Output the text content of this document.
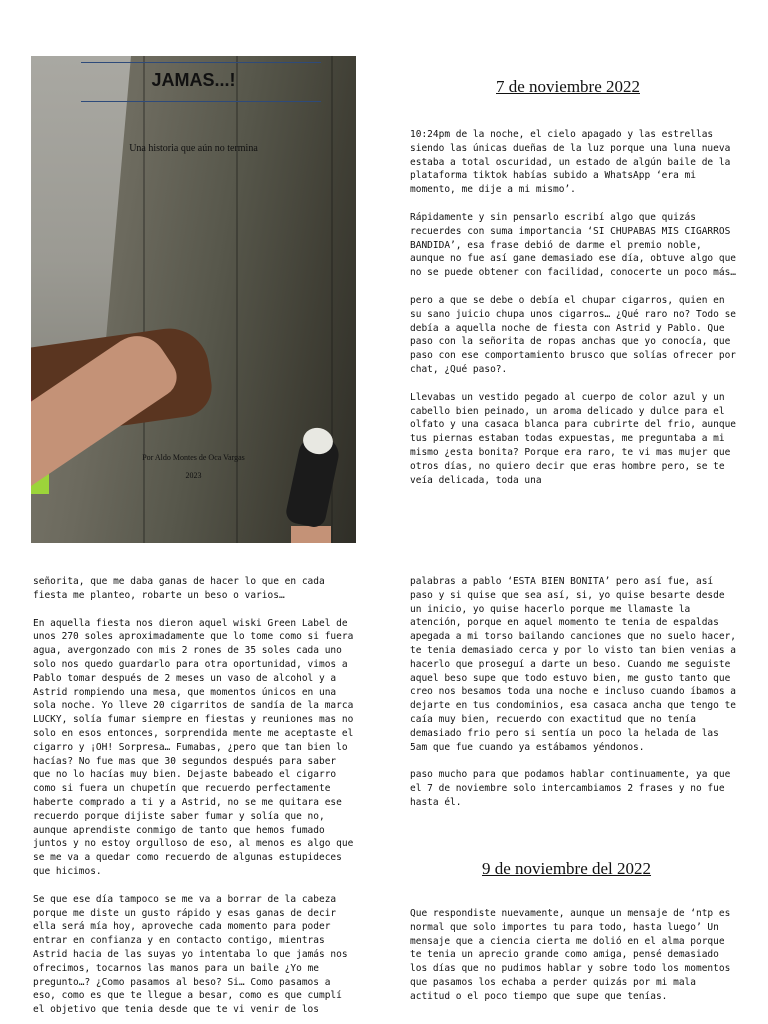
JAMAS...!
Una historia que aún no termina
Por Aldo Montes de Oca Vargas
2023
7 de noviembre 2022

10:24pm de la noche, el cielo apagado y las estrellas siendo las únicas dueñas de la luz porque una luna nueva estaba a total oscuridad, un estado de algún baile de la plataforma tiktok habías subido a WhatsApp ‘era mi momento, me dije a mi mismo’.

Rápidamente y sin pensarlo escribí algo que quizás recuerdes con suma importancia ‘SI CHUPABAS MIS CIGARROS BANDIDA’, esa frase debió de darme el premio noble, aunque no fue así gane demasiado ese día, obtuve algo que no se puede obtener con facilidad, conocerte un poco más…

pero a que se debe o debía el chupar cigarros, quien en su sano juicio chupa unos cigarros… ¿Qué raro no? Todo se debía a aquella noche de fiesta con Astrid y Pablo. Que paso con la señorita de ropas anchas que yo conocía, que paso con ese comportamiento brusco que solías ofrecer por chat, ¿Qué paso?.

Llevabas un vestido pegado al cuerpo de color azul y un cabello bien peinado, un aroma delicado y dulce para el olfato y una casaca blanca para cubrirte del frio, aunque tus piernas estaban todas expuestas, me preguntaba a mi mismo ¿esta bonita? Porque era raro, te vi mas mujer que otros días, no quiero decir que eras hombre pero, se te veía delicada, toda una

señorita, que me daba ganas de hacer lo que en cada fiesta me planteo, robarte un beso o varios…

En aquella fiesta nos dieron aquel wiski Green Label de unos 270 soles aproximadamente que lo tome como si fuera agua, avergonzado con mis 2 rones de 35 soles cada uno solo nos quedo guardarlo para otra oportunidad, vimos a Pablo tomar después de 2 meses un vaso de alcohol y a Astrid rompiendo una mesa, que momentos únicos en una sola noche. Yo lleve 20 cigarritos de sandía de la marca LUCKY, solía fumar siempre en fiestas y reuniones mas no solo en esos entonces, sorprendida mente me aceptaste el cigarro y ¡OH! Sorpresa… Fumabas, ¿pero que tan bien lo hacías? No fue mas que 30 segundos después para saber que no lo hacías muy bien. Dejaste babeado el cigarro como si fuera un chupetín que recuerdo perfectamente haberte comprado a ti y a Astrid, no se me quitara ese recuerdo porque dijiste saber fumar y solía que no, aunque aprendiste conmigo de tanto que hemos fumado juntos y no estoy orgulloso de eso, al menos es algo que se me va a quedar como recuerdo de algunas estupideces que hicimos.

Se que ese día tampoco se me va a borrar de la cabeza porque me diste un gusto rápido y esas ganas de decir ella será mía hoy, aproveche cada momento para poder entrar en confianza y en contacto contigo, mientras Astrid hacia de las suyas yo intentaba lo que jamás nos ofrecimos, tocarnos las manos para un baile ¿Yo me pregunto…? ¿Como pasamos al beso? Si… Como pasamos a eso, como es que te llegue a besar, como es que cumplí el objetivo que tenia desde que te vi venir de los

palabras a pablo ‘ESTA BIEN BONITA’ pero así fue, así paso y si quise que sea así, si, yo quise besarte desde un inicio, yo quise hacerlo porque me llamaste la atención, porque en aquel momento te tenia de espaldas apegada a mi torso bailando canciones que no suelo hacer, te tenia demasiado cerca y por lo visto tan bien venias a hacerlo que proseguí a darte un beso. Cuando me seguiste aquel beso supe que todo estuvo bien, me gusto tanto que creo nos besamos toda una noche e incluso cuando íbamos a dejarte en tus condominios, esa casaca ancha que tengo te caía muy bien, recuerdo con exactitud que no tenía demasiado frio pero si sentía un poco la helada de las 5am que fue cuando ya estábamos yéndonos.

paso mucho para que podamos hablar continuamente, ya que el 7 de noviembre solo intercambiamos 2 frases y no fue hasta él.

9 de noviembre del 2022

Que respondiste nuevamente, aunque un mensaje de ‘ntp es normal que solo importes tu para todo, hasta luego’ Un mensaje que a ciencia cierta me dolió en el alma porque te tenia un aprecio grande como amiga, pensé demasiado los días que no pudimos hablar y sobre todo los momentos que pasamos los echaba a perder quizás por mi mala actitud o el poco tiempo que supe que tenías.
